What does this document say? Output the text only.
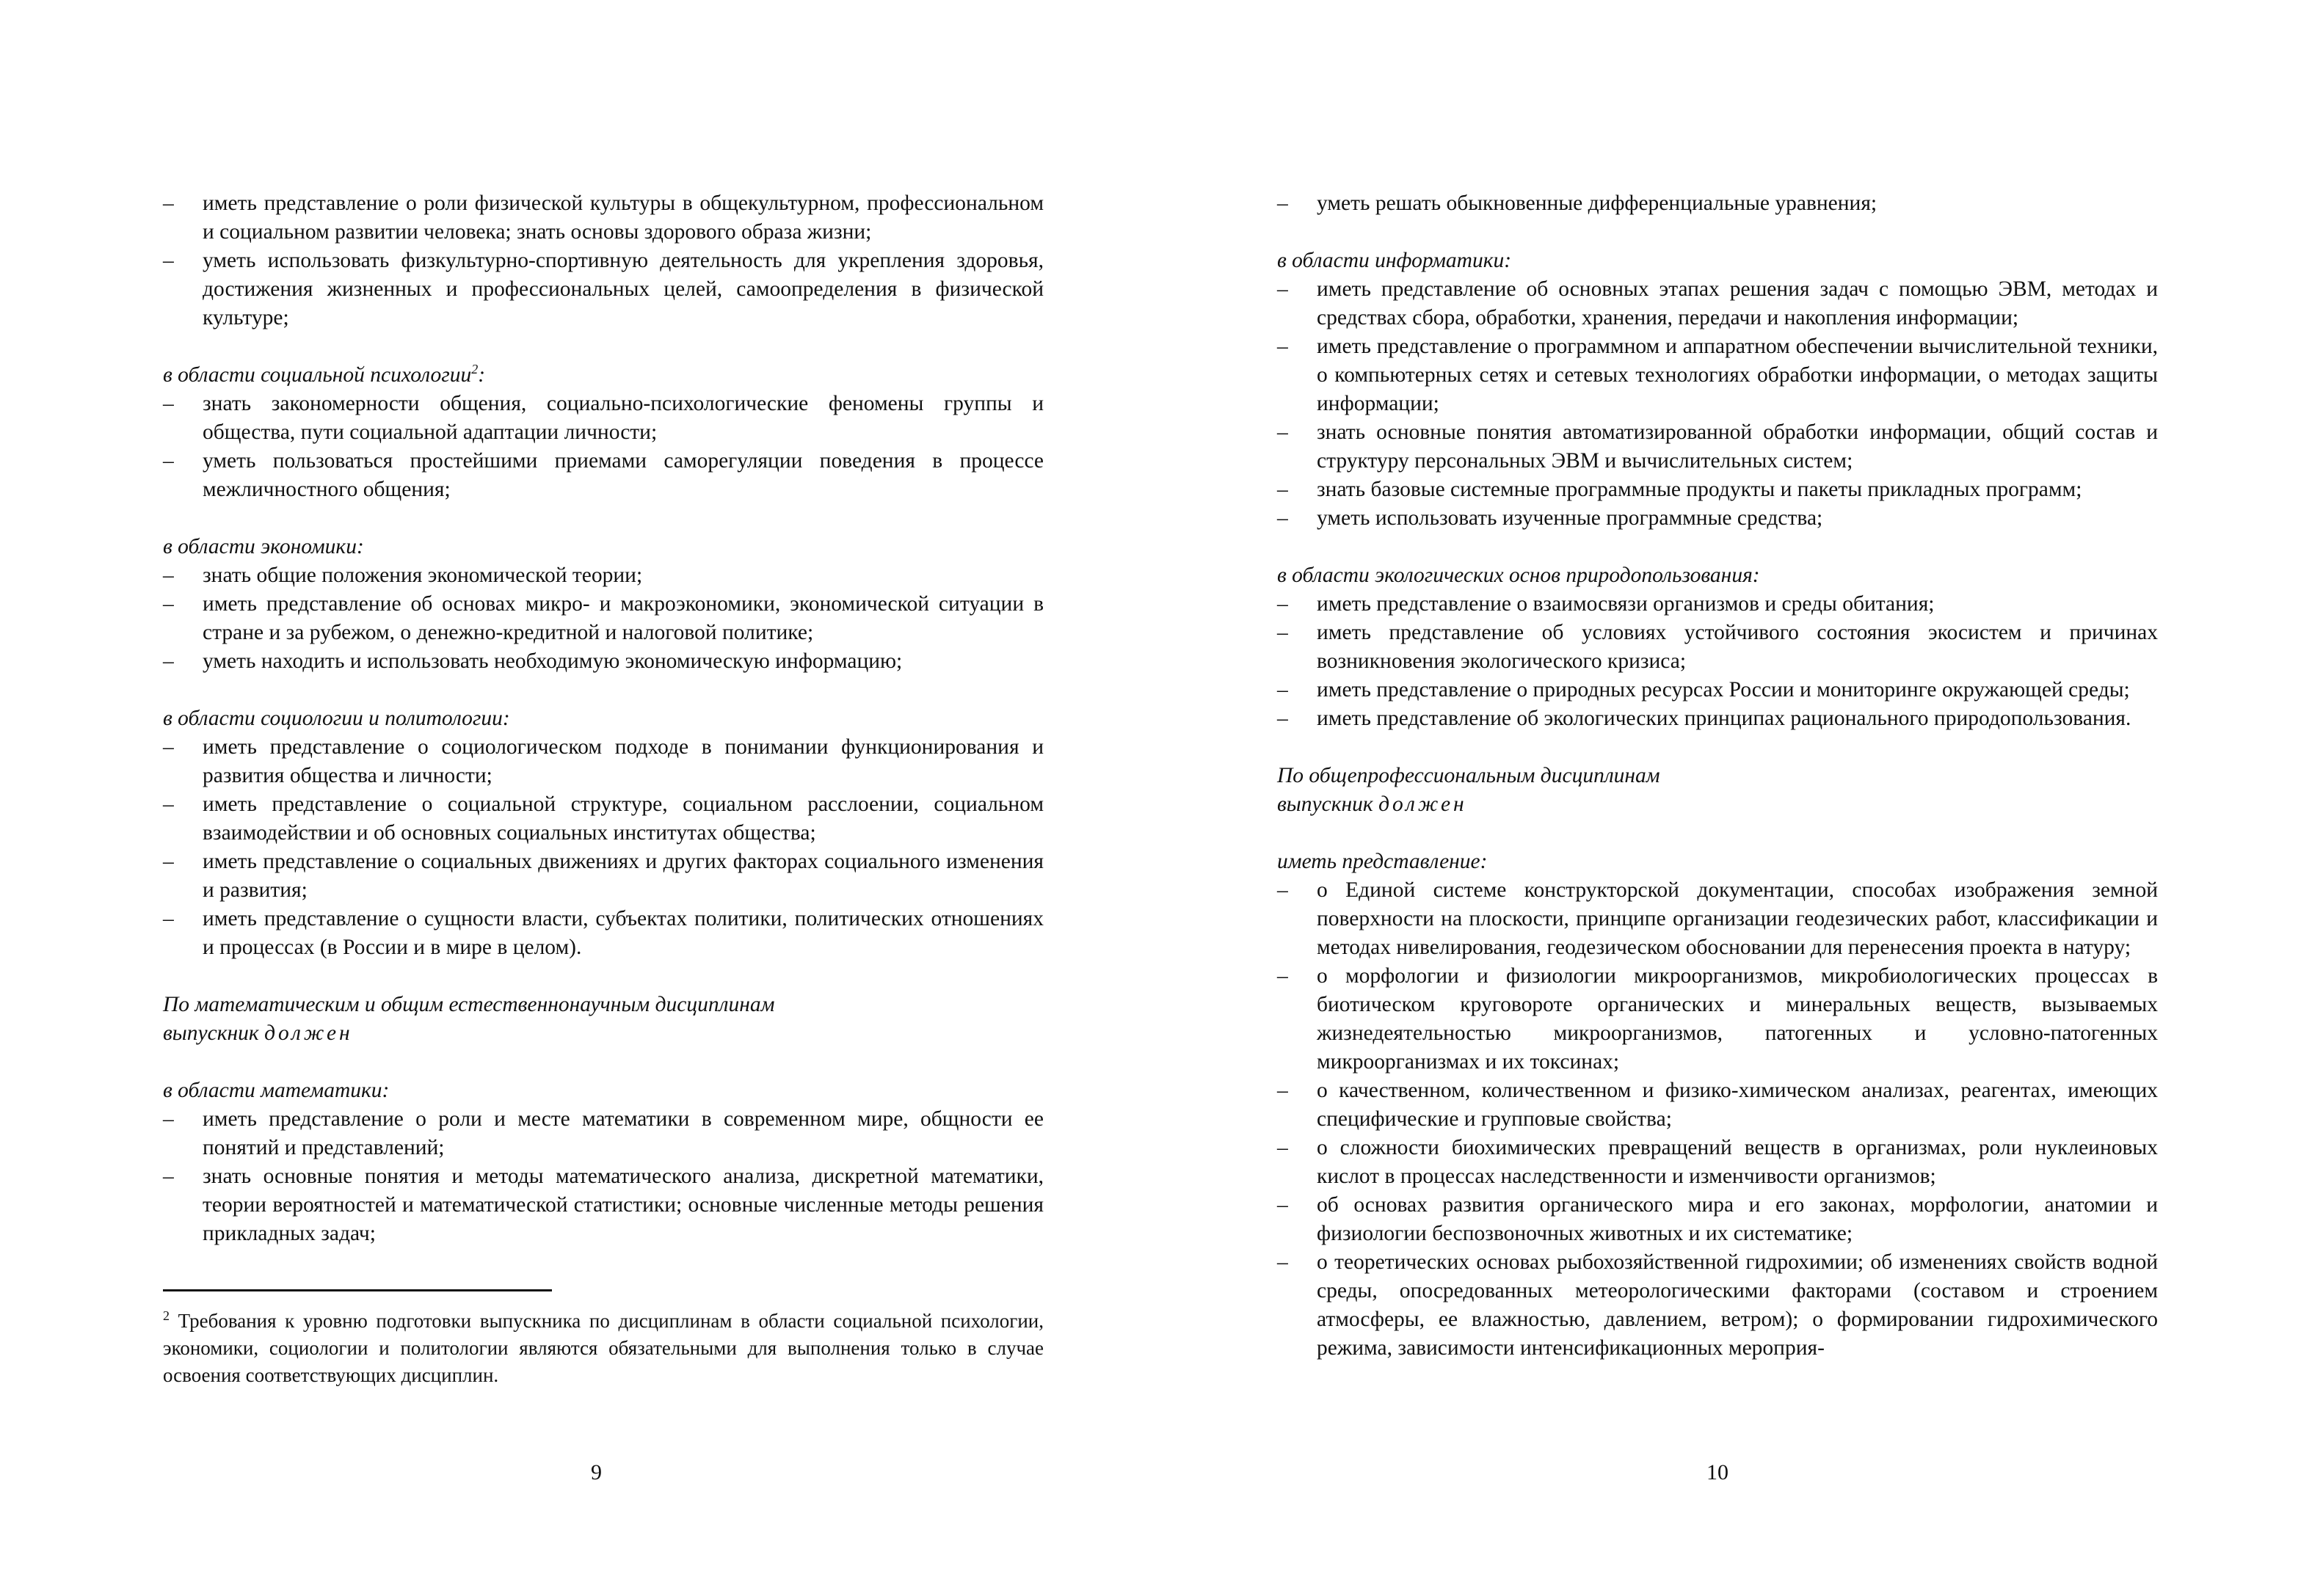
– иметь представление о роли физической культуры в общекультурном, профессиональном и социальном развитии человека; знать основы здорового образа жизни;
– уметь использовать физкультурно-спортивную деятельность для укрепления здоровья, достижения жизненных и профессиональных целей, самоопределения в физической культуре;
в области социальной психологии$^2$:
– знать закономерности общения, социально-психологические феномены группы и общества, пути социальной адаптации личности;
– уметь пользоваться простейшими приемами саморегуляции поведения в процессе межличностного общения;
в области экономики:
– знать общие положения экономической теории;
– иметь представление об основах микро- и макроэкономики, экономической ситуации в стране и за рубежом, о денежно-кредитной и налоговой политике;
– уметь находить и использовать необходимую экономическую информацию;
в области социологии и политологии:
– иметь представление о социологическом подходе в понимании функционирования и развития общества и личности;
– иметь представление о социальной структуре, социальном расслоении, социальном взаимодействии и об основных социальных институтах общества;
– иметь представление о социальных движениях и других факторах социального изменения и развития;
– иметь представление о сущности власти, субъектах политики, политических отношениях и процессах (в России и в мире в целом).
По математическим и общим естественнонаучным дисциплинам
выпускник должен
в области математики:
– иметь представление о роли и месте математики в современном мире, общности ее понятий и представлений;
– знать основные понятия и методы математического анализа, дискретной математики, теории вероятностей и математической статистики; основные численные методы решения прикладных задач;
$^2$ Требования к уровню подготовки выпускника по дисциплинам в области социальной психологии, экономики, социологии и политологии являются обязательными для выполнения только в случае освоения соответствующих дисциплин.
9
– уметь решать обыкновенные дифференциальные уравнения;
в области информатики:
– иметь представление об основных этапах решения задач с помощью ЭВМ, методах и средствах сбора, обработки, хранения, передачи и накопления информации;
– иметь представление о программном и аппаратном обеспечении вычислительной техники, о компьютерных сетях и сетевых технологиях обработки информации, о методах защиты информации;
– знать основные понятия автоматизированной обработки информации, общий состав и структуру персональных ЭВМ и вычислительных систем;
– знать базовые системные программные продукты и пакеты прикладных программ;
– уметь использовать изученные программные средства;
в области экологических основ природопользования:
– иметь представление о взаимосвязи организмов и среды обитания;
– иметь представление об условиях устойчивого состояния экосистем и причинах возникновения экологического кризиса;
– иметь представление о природных ресурсах России и мониторинге окружающей среды;
– иметь представление об экологических принципах рационального природопользования.
По общепрофессиональным дисциплинам
выпускник должен
иметь представление:
– о Единой системе конструкторской документации, способах изображения земной поверхности на плоскости, принципе организации геодезических работ, классификации и методах нивелирования, геодезическом обосновании для перенесения проекта в натуру;
– о морфологии и физиологии микроорганизмов, микробиологических процессах в биотическом круговороте органических и минеральных веществ, вызываемых жизнедеятельностью микроорганизмов, патогенных и условно-патогенных микроорганизмах и их токсинах;
– о качественном, количественном и физико-химическом анализах, реагентах, имеющих специфические и групповые свойства;
– о сложности биохимических превращений веществ в организмах, роли нуклеиновых кислот в процессах наследственности и изменчивости организмов;
– об основах развития органического мира и его законах, морфологии, анатомии и физиологии беспозвоночных животных и их систематике;
– о теоретических основах рыбохозяйственной гидрохимии; об изменениях свойств водной среды, опосредованных метеорологическими факторами (составом и строением атмосферы, ее влажностью, давлением, ветром); о формировании гидрохимического режима, зависимости интенсификационных мероприя-
10
